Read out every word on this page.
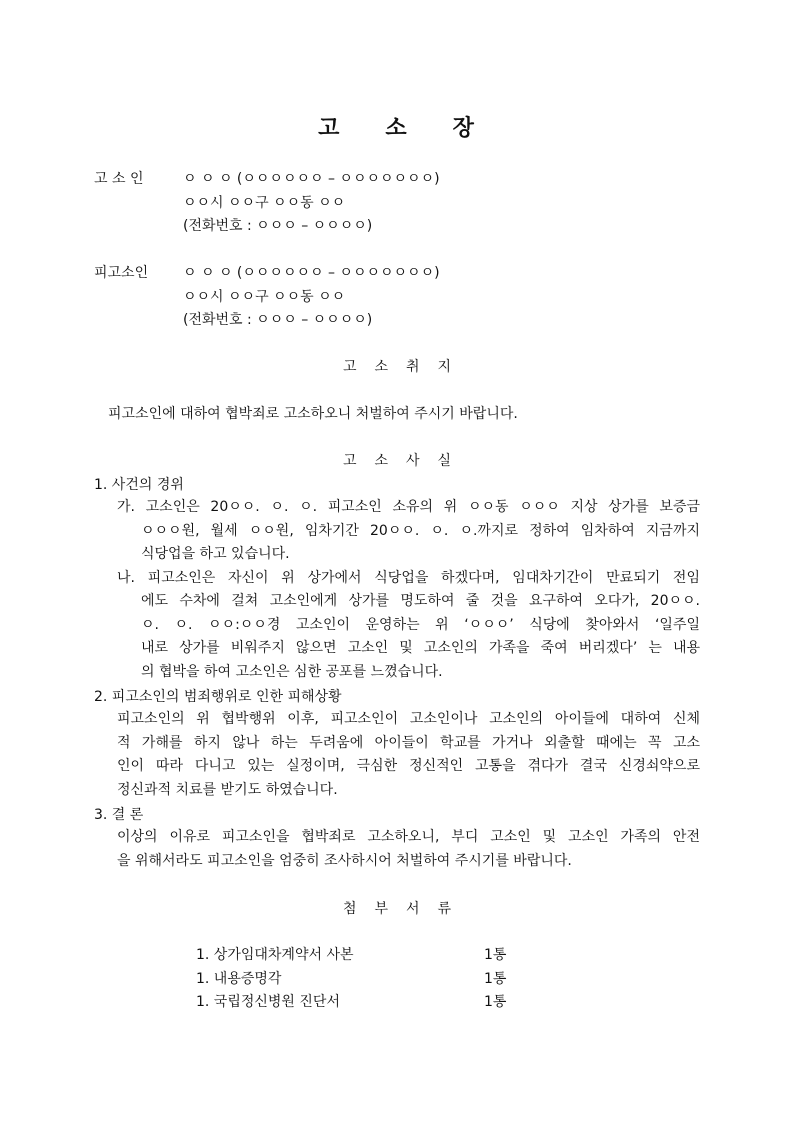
고 소 장
고 소 인	ㅇ ㅇ ㅇ (ㅇㅇㅇㅇㅇㅇ – ㅇㅇㅇㅇㅇㅇㅇ)
ㅇㅇ시 ㅇㅇ구 ㅇㅇ동 ㅇㅇ
(전화번호 : ㅇㅇㅇ – ㅇㅇㅇㅇ)
피고소인 ㅇ ㅇ ㅇ (ㅇㅇㅇㅇㅇㅇ – ㅇㅇㅇㅇㅇㅇㅇ)
ㅇㅇ시 ㅇㅇ구 ㅇㅇ동 ㅇㅇ
(전화번호 : ㅇㅇㅇ – ㅇㅇㅇㅇ)
고 소 취 지
피고소인에 대하여 협박죄로 고소하오니 처벌하여 주시기 바랍니다.
고 소 사 실
1. 사건의 경위
가. 고소인은 20ㅇㅇ. ㅇ. ㅇ. 피고소인 소유의 위 ㅇㅇ동 ㅇㅇㅇ 지상 상가를 보증금
ㅇㅇㅇ원, 월세 ㅇㅇ원, 임차기간 20ㅇㅇ. ㅇ. ㅇ.까지로 정하여 임차하여 지금까지
식당업을 하고 있습니다.
나. 피고소인은 자신이 위 상가에서 식당업을 하겠다며, 임대차기간이 만료되기 전임
에도 수차에 걸쳐 고소인에게 상가를 명도하여 줄 것을 요구하여 오다가, 20ㅇㅇ.
ㅇ. ㅇ. ㅇㅇ:ㅇㅇ경 고소인이 운영하는 위 ‘ㅇㅇㅇ’ 식당에 찾아와서 ‘일주일
내로 상가를 비워주지 않으면 고소인 및 고소인의 가족을 죽여 버리겠다’ 는 내용
의 협박을 하여 고소인은 심한 공포를 느꼈습니다.
2. 피고소인의 범죄행위로 인한 피해상황
피고소인의 위 협박행위 이후, 피고소인이 고소인이나 고소인의 아이들에 대하여 신체
적 가해를 하지 않나 하는 두려움에 아이들이 학교를 가거나 외출할 때에는 꼭 고소
인이 따라 다니고 있는 실정이며, 극심한 정신적인 고통을 겪다가 결국 신경쇠약으로
정신과적 치료를 받기도 하였습니다.
3. 결 론
이상의 이유로 피고소인을 협박죄로 고소하오니, 부디 고소인 및 고소인 가족의 안전
을 위해서라도 피고소인을 엄중히 조사하시어 처벌하여 주시기를 바랍니다.
첨 부 서 류
1. 상가임대차계약서 사본	1통
1. 내용증명각	1통
1. 국립정신병원 진단서	1통
